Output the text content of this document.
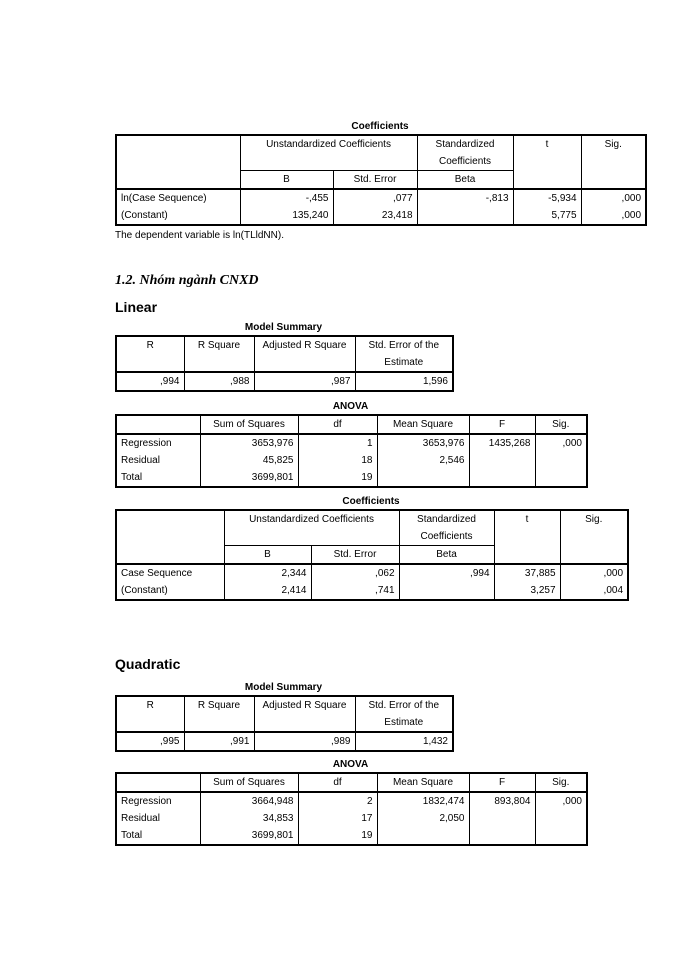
Coefficients
	Unstandardized Coefficients		Standardized
Coefficients	t	Sig.
	B	Std. Error	Beta		
ln(Case Sequence)	-,455	,077	-,813	-5,934	,000
(Constant)	135,240	23,418		5,775	,000
The dependent variable is ln(TLldNN).
1.2. Nhóm ngành CNXD
Linear
Model Summary
R	R Square	Adjusted R Square	Std. Error of the
Estimate

,994	,988	,987	1,596
ANOVA
	Sum of Squares	df	Mean Square	F	Sig.
Regression	3653,976	1	3653,976	1435,268	,000
Residual	45,825	18	2,546		
Total	3699,801	19			
Coefficients
	Unstandardized Coefficients		Standardized
Coefficients	t	Sig.
	B	Std. Error	Beta		
Case Sequence	2,344	,062	,994	37,885	,000
(Constant)	2,414	,741		3,257	,004
Quadratic
Model Summary
R	R Square	Adjusted R Square	Std. Error of the
Estimate

,995	,991	,989	1,432
ANOVA
	Sum of Squares	df	Mean Square	F	Sig.
Regression	3664,948	2	1832,474	893,804	,000
Residual	34,853	17	2,050		
Total	3699,801	19			
